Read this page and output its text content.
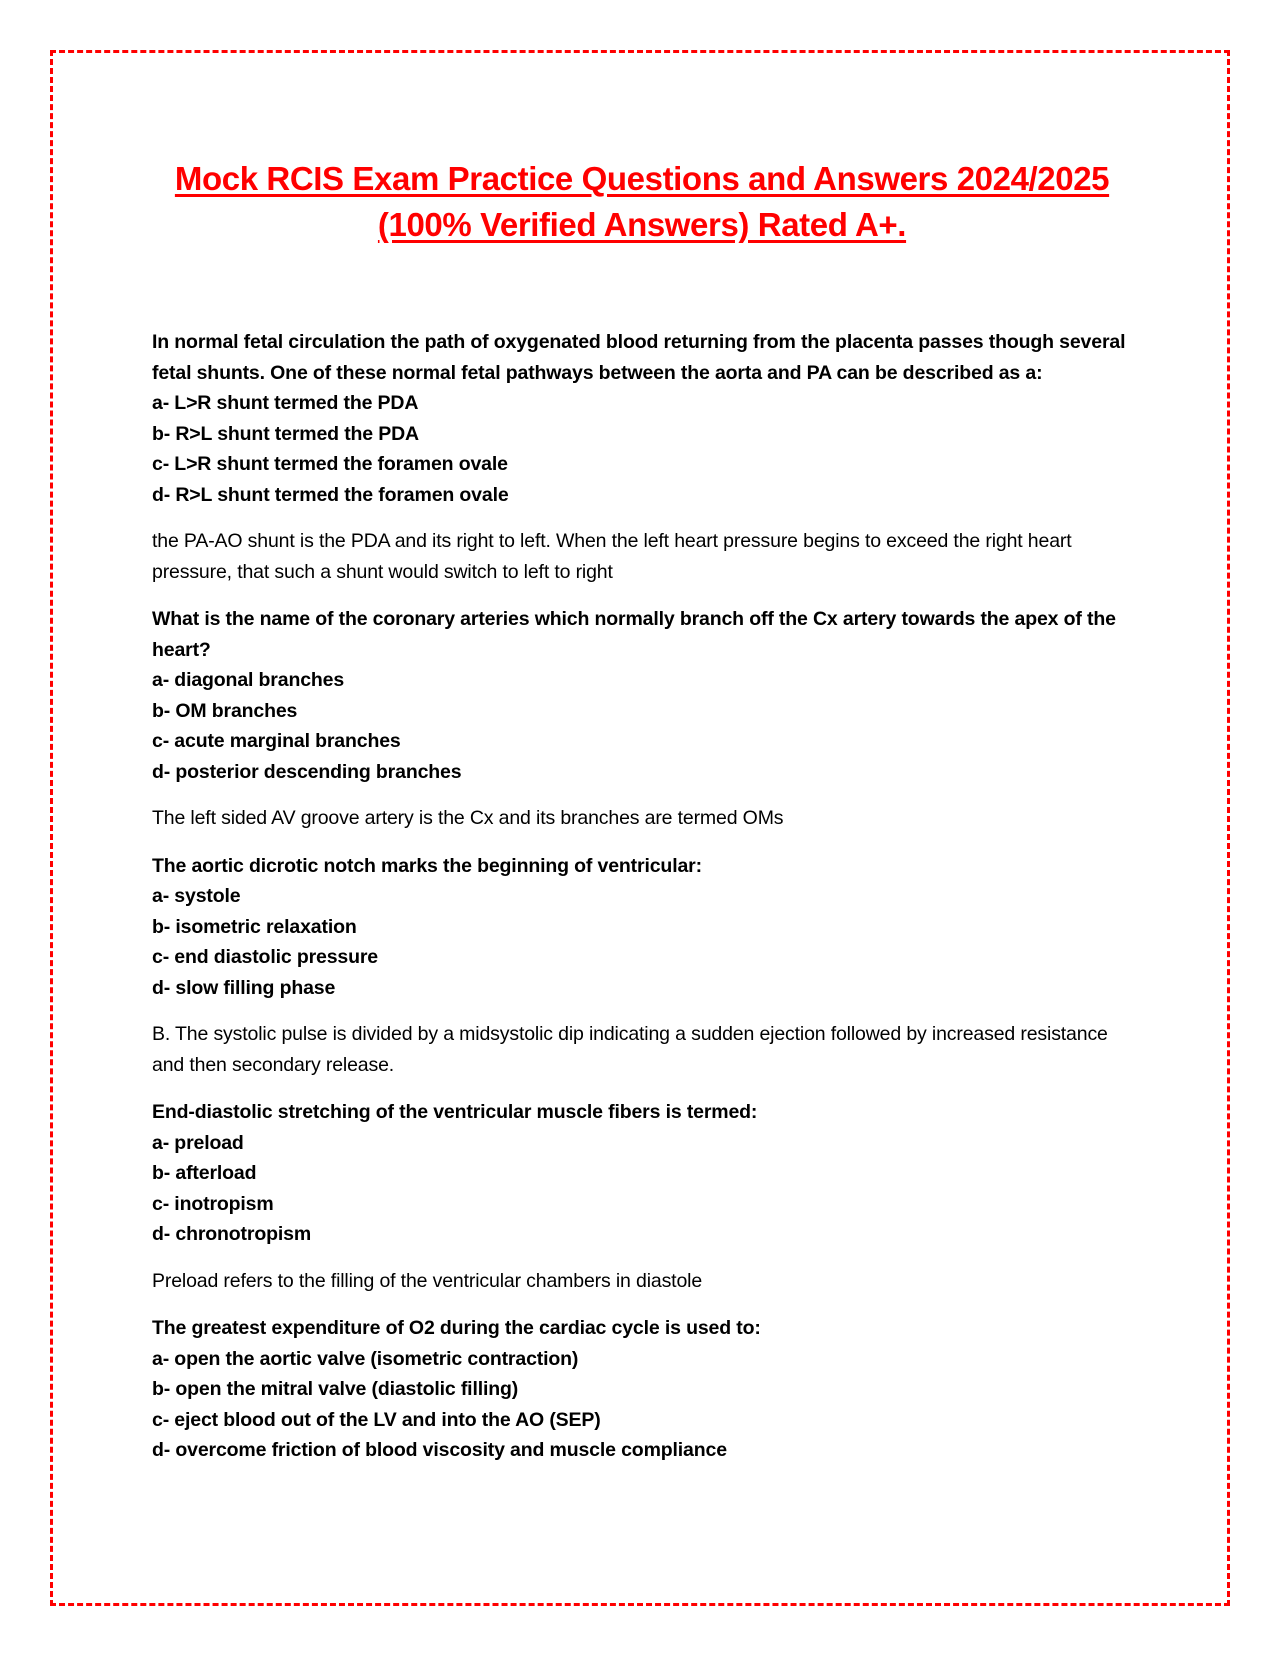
Mock RCIS Exam Practice Questions and Answers 2024/2025
(100% Verified Answers) Rated A+.

In normal fetal circulation the path of oxygenated blood returning from the placenta passes though several fetal shunts. One of these normal fetal pathways between the aorta and PA can be described as a:

a- L>R shunt termed the PDA

b- R>L shunt termed the PDA

c- L>R shunt termed the foramen ovale

d- R>L shunt termed the foramen ovale

the PA-AO shunt is the PDA and its right to left. When the left heart pressure begins to exceed the right heart pressure, that such a shunt would switch to left to right

What is the name of the coronary arteries which normally branch off the Cx artery towards the apex of the heart?

a- diagonal branches

b- OM branches

c- acute marginal branches

d- posterior descending branches

The left sided AV groove artery is the Cx and its branches are termed OMs

The aortic dicrotic notch marks the beginning of ventricular:

a- systole

b- isometric relaxation

c- end diastolic pressure

d- slow filling phase

B. The systolic pulse is divided by a midsystolic dip indicating a sudden ejection followed by increased resistance and then secondary release.

End-diastolic stretching of the ventricular muscle fibers is termed:

a- preload

b- afterload

c- inotropism

d- chronotropism

Preload refers to the filling of the ventricular chambers in diastole

The greatest expenditure of O2 during the cardiac cycle is used to:

a- open the aortic valve (isometric contraction)

b- open the mitral valve (diastolic filling)

c- eject blood out of the LV and into the AO (SEP)

d- overcome friction of blood viscosity and muscle compliance
